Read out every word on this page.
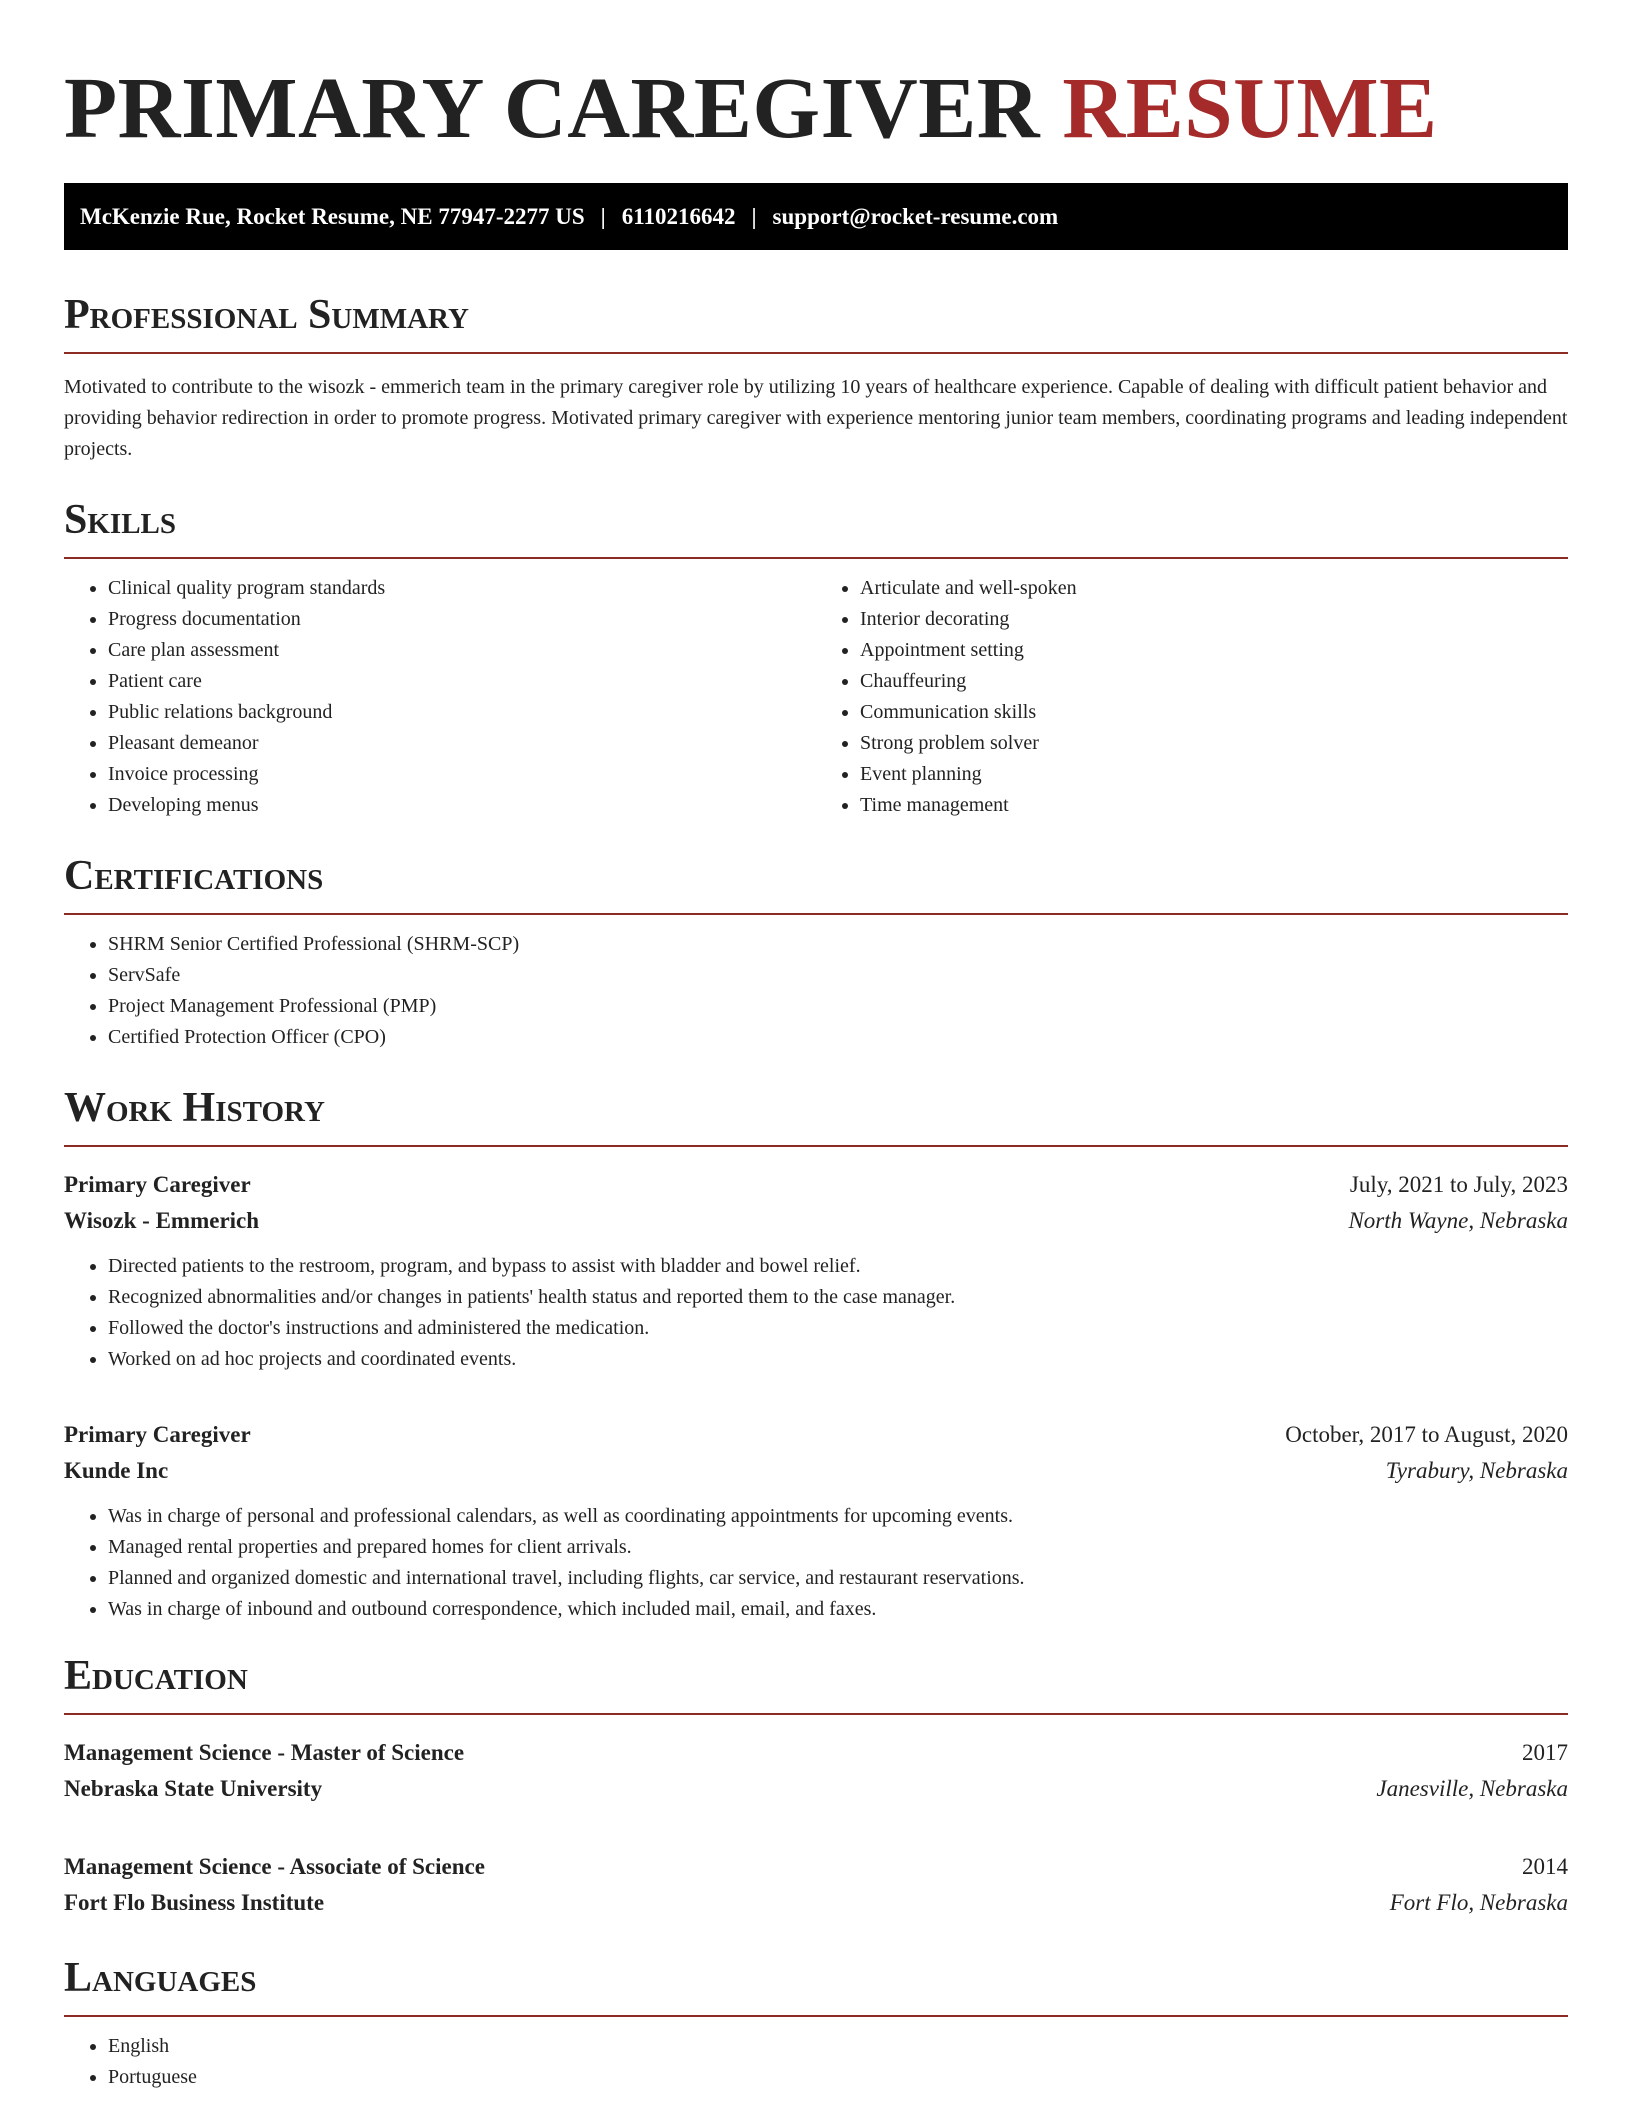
PRIMARY CAREGIVER RESUME
McKenzie Rue, Rocket Resume, NE 77947-2277 US | 6110216642 | support@rocket-resume.com
Professional Summary

Motivated to contribute to the wisozk - emmerich team in the primary caregiver role by utilizing 10 years of healthcare experience. Capable of dealing with difficult patient behavior and providing behavior redirection in order to promote progress. Motivated primary caregiver with experience mentoring junior team members, coordinating programs and leading independent projects.

Skills
• Clinical quality program standards
• Progress documentation
• Care plan assessment
• Patient care
• Public relations background
• Pleasant demeanor
• Invoice processing
• Developing menus
• Articulate and well-spoken
• Interior decorating
• Appointment setting
• Chauffeuring
• Communication skills
• Strong problem solver
• Event planning
• Time management
Certifications
• SHRM Senior Certified Professional (SHRM-SCP)
• ServSafe
• Project Management Professional (PMP)
• Certified Protection Officer (CPO)
Work History
Primary Caregiver	July, 2021 to July, 2023
Wisozk - Emmerich	North Wayne, Nebraska
• Directed patients to the restroom, program, and bypass to assist with bladder and bowel relief.
• Recognized abnormalities and/or changes in patients' health status and reported them to the case manager.
• Followed the doctor's instructions and administered the medication.
• Worked on ad hoc projects and coordinated events.
Primary Caregiver	October, 2017 to August, 2020
Kunde Inc	Tyrabury, Nebraska
• Was in charge of personal and professional calendars, as well as coordinating appointments for upcoming events.
• Managed rental properties and prepared homes for client arrivals.
• Planned and organized domestic and international travel, including flights, car service, and restaurant reservations.
• Was in charge of inbound and outbound correspondence, which included mail, email, and faxes.
Education
Management Science - Master of Science	2017
Nebraska State University	Janesville, Nebraska
Management Science - Associate of Science	2014
Fort Flo Business Institute	Fort Flo, Nebraska
Languages
• English
• Portuguese
